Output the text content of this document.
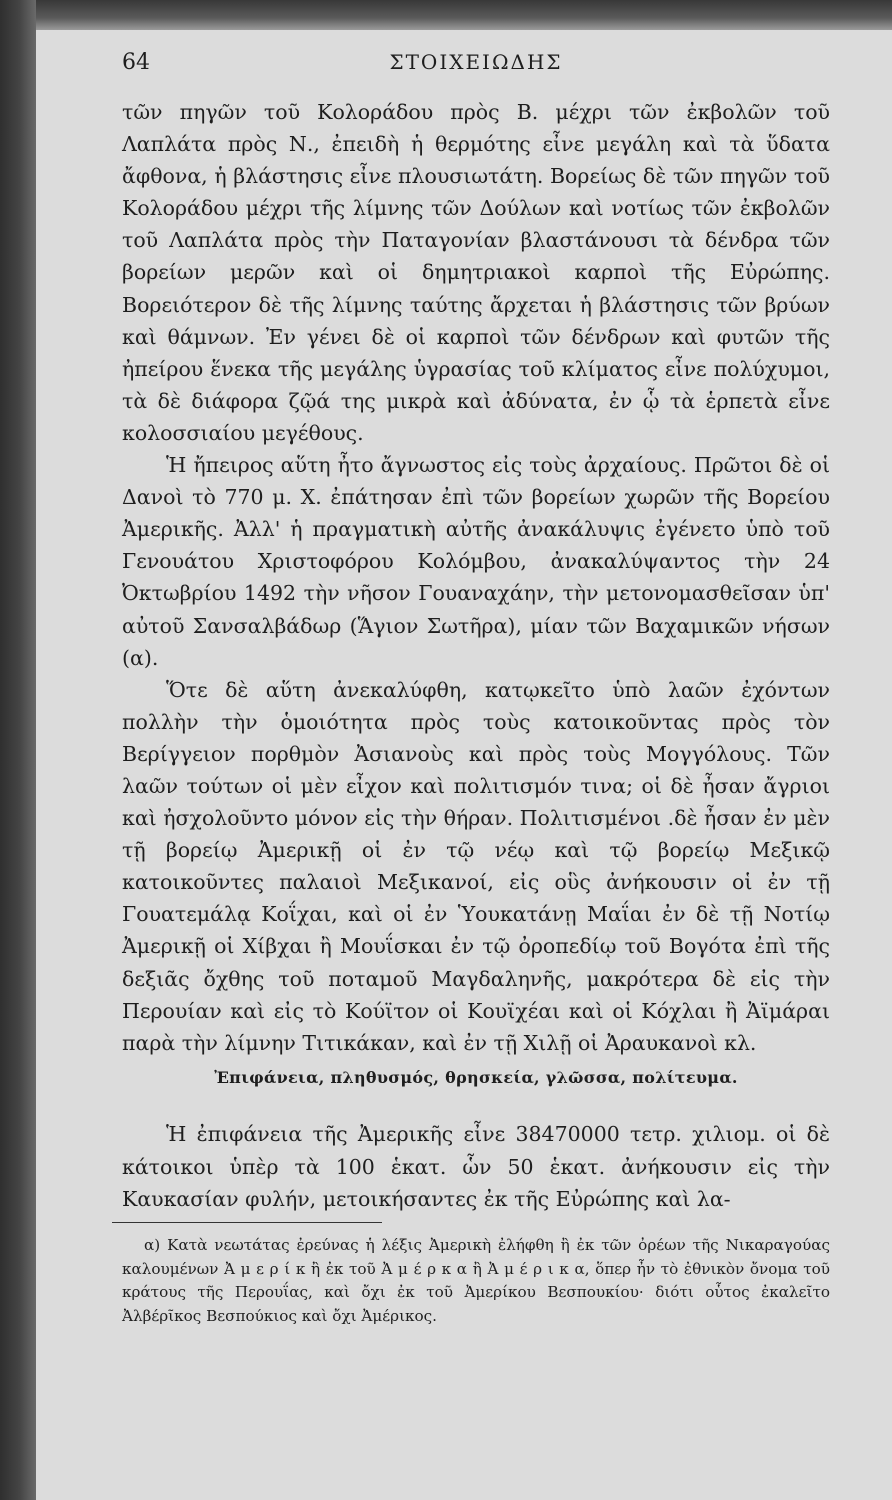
64	ΣΤΟΙΧΕΙΩΔΗΣ

τῶν πηγῶν τοῦ Κολοράδου πρὸς Β. μέχρι τῶν ἐκβολῶν τοῦ Λαπλάτα πρὸς Ν., ἐπειδὴ ἡ θερμότης εἶνε μεγάλη καὶ τὰ ὕδατα ἄφθονα, ἡ βλάστησις εἶνε πλουσιωτάτη. Βορείως δὲ τῶν πηγῶν τοῦ Κολοράδου μέχρι τῆς λίμνης τῶν Δούλων καὶ νοτίως τῶν ἐκβολῶν τοῦ Λαπλάτα πρὸς τὴν Παταγονίαν βλαστάνουσι τὰ δένδρα τῶν βορείων μερῶν καὶ οἱ δημητριακοὶ καρποὶ τῆς Εὐρώπης. Βορειότερον δὲ τῆς λίμνης ταύτης ἄρχεται ἡ βλάστησις τῶν βρύων καὶ θάμνων. Ἐν γένει δὲ οἱ καρποὶ τῶν δένδρων καὶ φυτῶν τῆς ἠπείρου ἕνεκα τῆς μεγάλης ὑγρασίας τοῦ κλίματος εἶνε πολύχυμοι, τὰ δὲ διάφορα ζῷά της μικρὰ καὶ ἀδύνατα, ἐν ᾧ τὰ ἑρπετὰ εἶνε κολοσσιαίου μεγέθους.

Ἡ ἤπειρος αὕτη ἦτο ἄγνωστος εἰς τοὺς ἀρχαίους. Πρῶτοι δὲ οἱ Δανοὶ τὸ 770 μ. Χ. ἐπάτησαν ἐπὶ τῶν βορείων χωρῶν τῆς Βορείου Ἀμερικῆς. Ἀλλ' ἡ πραγματικὴ αὐτῆς ἀνακάλυψις ἐγένετο ὑπὸ τοῦ Γενουάτου Χριστοφόρου Κολόμβου, ἀνακαλύψαντος τὴν 24 Ὀκτωβρίου 1492 τὴν νῆσον Γουαναχάην, τὴν μετονομασθεῖσαν ὑπ' αὐτοῦ Σανσαλβάδωρ (Ἅγιον Σωτῆρα), μίαν τῶν Βαχαμικῶν νήσων (α).

Ὅτε δὲ αὕτη ἀνεκαλύφθη, κατῳκεῖτο ὑπὸ λαῶν ἐχόντων πολλὴν τὴν ὁμοιότητα πρὸς τοὺς κατοικοῦντας πρὸς τὸν Βερίγγειον πορθμὸν Ἀσιανοὺς καὶ πρὸς τοὺς Μογγόλους. Τῶν λαῶν τούτων οἱ μὲν εἶχον καὶ πολιτισμόν τινα; οἱ δὲ ἦσαν ἄγριοι καὶ ἠσχολοῦντο μόνον εἰς τὴν θήραν. Πολιτισμένοι .δὲ ἦσαν ἐν μὲν τῇ βορείῳ Ἀμερικῇ οἱ ἐν τῷ νέῳ καὶ τῷ βορείῳ Μεξικῷ κατοικοῦντες παλαιοὶ Μεξικανοί, εἰς οὓς ἀνήκουσιν οἱ ἐν τῇ Γουατεμάλᾳ Κοΐχαι, καὶ οἱ ἐν Ὑουκατάνῃ Μαΐαι ἐν δὲ τῇ Νοτίῳ Ἀμερικῇ οἱ Χίβχαι ἢ Μουΐσκαι ἐν τῷ ὀροπεδίῳ τοῦ Βογότα ἐπὶ τῆς δεξιᾶς ὄχθης τοῦ ποταμοῦ Μαγδαληνῆς, μακρότερα δὲ εἰς τὴν Περουίαν καὶ εἰς τὸ Κούϊτον οἱ Κουϊχέαι καὶ οἱ Κόχλαι ἢ Ἀϊμάραι παρὰ τὴν λίμνην Τιτικάκαν, καὶ ἐν τῇ Χιλῇ οἱ Ἀραυκανοὶ κλ.

Ἐπιφάνεια, πληθυσμός, θρησκεία, γλῶσσα, πολίτευμα.

Ἡ ἐπιφάνεια τῆς Ἀμερικῆς εἶνε 38470000 τετρ. χιλιομ. οἱ δὲ κάτοικοι ὑπὲρ τὰ 100 ἑκατ. ὧν 50 ἑκατ. ἀνήκουσιν εἰς τὴν Καυκασίαν φυλήν, μετοικήσαντες ἐκ τῆς Εὐρώπης καὶ λα-

α) Κατὰ νεωτάτας ἐρεύνας ἡ λέξις Ἀμερικὴ ἐλήφθη ἢ ἐκ τῶν ὀρέων τῆς Νικαραγούας καλουμένων Ἀ μ ε ρ ί κ ἢ ἐκ τοῦ Ἀ μ έ ρ κ α ἢ Ἀ μ έ ρ ι κ α, ὅπερ ἦν τὸ ἐθνικὸν ὄνομα τοῦ κράτους τῆς Περουΐας, καὶ ὄχι ἐκ τοῦ Ἀμερίκου Βεσπουκίου· διότι οὗτος ἐκαλεῖτο Ἀλβέρῖκος Βεσπούκιος καὶ ὄχι Ἀμέρικος.
